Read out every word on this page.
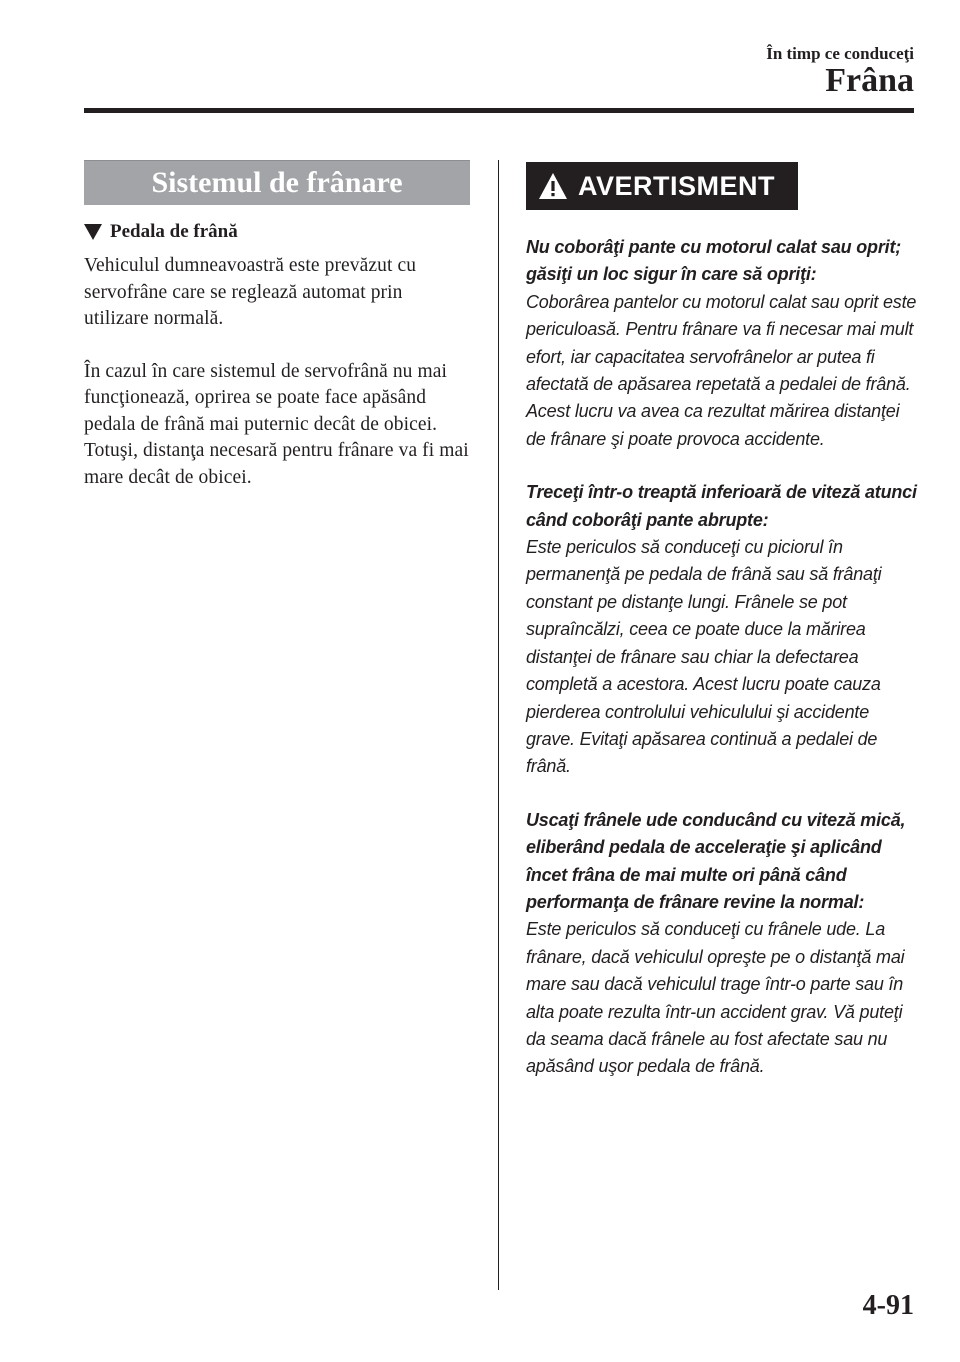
În timp ce conduceţi
Frâna
Sistemul de frânare
Pedala de frână

Vehiculul dumneavoastră este prevăzut cu servofrâne care se reglează automat prin utilizare normală.

În cazul în care sistemul de servofrână nu mai funcţionează, oprirea se poate face apăsând pedala de frână mai puternic decât de obicei. Totuşi, distanţa necesară pentru frânare va fi mai mare decât de obicei.

AVERTISMENT
Nu coborâţi pante cu motorul calat sau oprit; găsiţi un loc sigur în care să opriţi:
Coborârea pantelor cu motorul calat sau oprit este periculoasă. Pentru frânare va fi necesar mai mult efort, iar capacitatea servofrânelor ar putea fi afectată de apăsarea repetată a pedalei de frână. Acest lucru va avea ca rezultat mărirea distanţei de frânare şi poate provoca accidente.
Treceţi într-o treaptă inferioară de viteză atunci când coborâţi pante abrupte:
Este periculos să conduceţi cu piciorul în permanenţă pe pedala de frână sau să frânaţi constant pe distanţe lungi. Frânele se pot supraîncălzi, ceea ce poate duce la mărirea distanţei de frânare sau chiar la defectarea completă a acestora. Acest lucru poate cauza pierderea controlului vehiculului şi accidente grave. Evitaţi apăsarea continuă a pedalei de frână.
Uscaţi frânele ude conducând cu viteză mică, eliberând pedala de acceleraţie şi aplicând încet frâna de mai multe ori până când performanţa de frânare revine la normal:
Este periculos să conduceţi cu frânele ude. La frânare, dacă vehiculul opreşte pe o distanţă mai mare sau dacă vehiculul trage într-o parte sau în alta poate rezulta într-un accident grav. Vă puteţi da seama dacă frânele au fost afectate sau nu apăsând uşor pedala de frână.
4-91
